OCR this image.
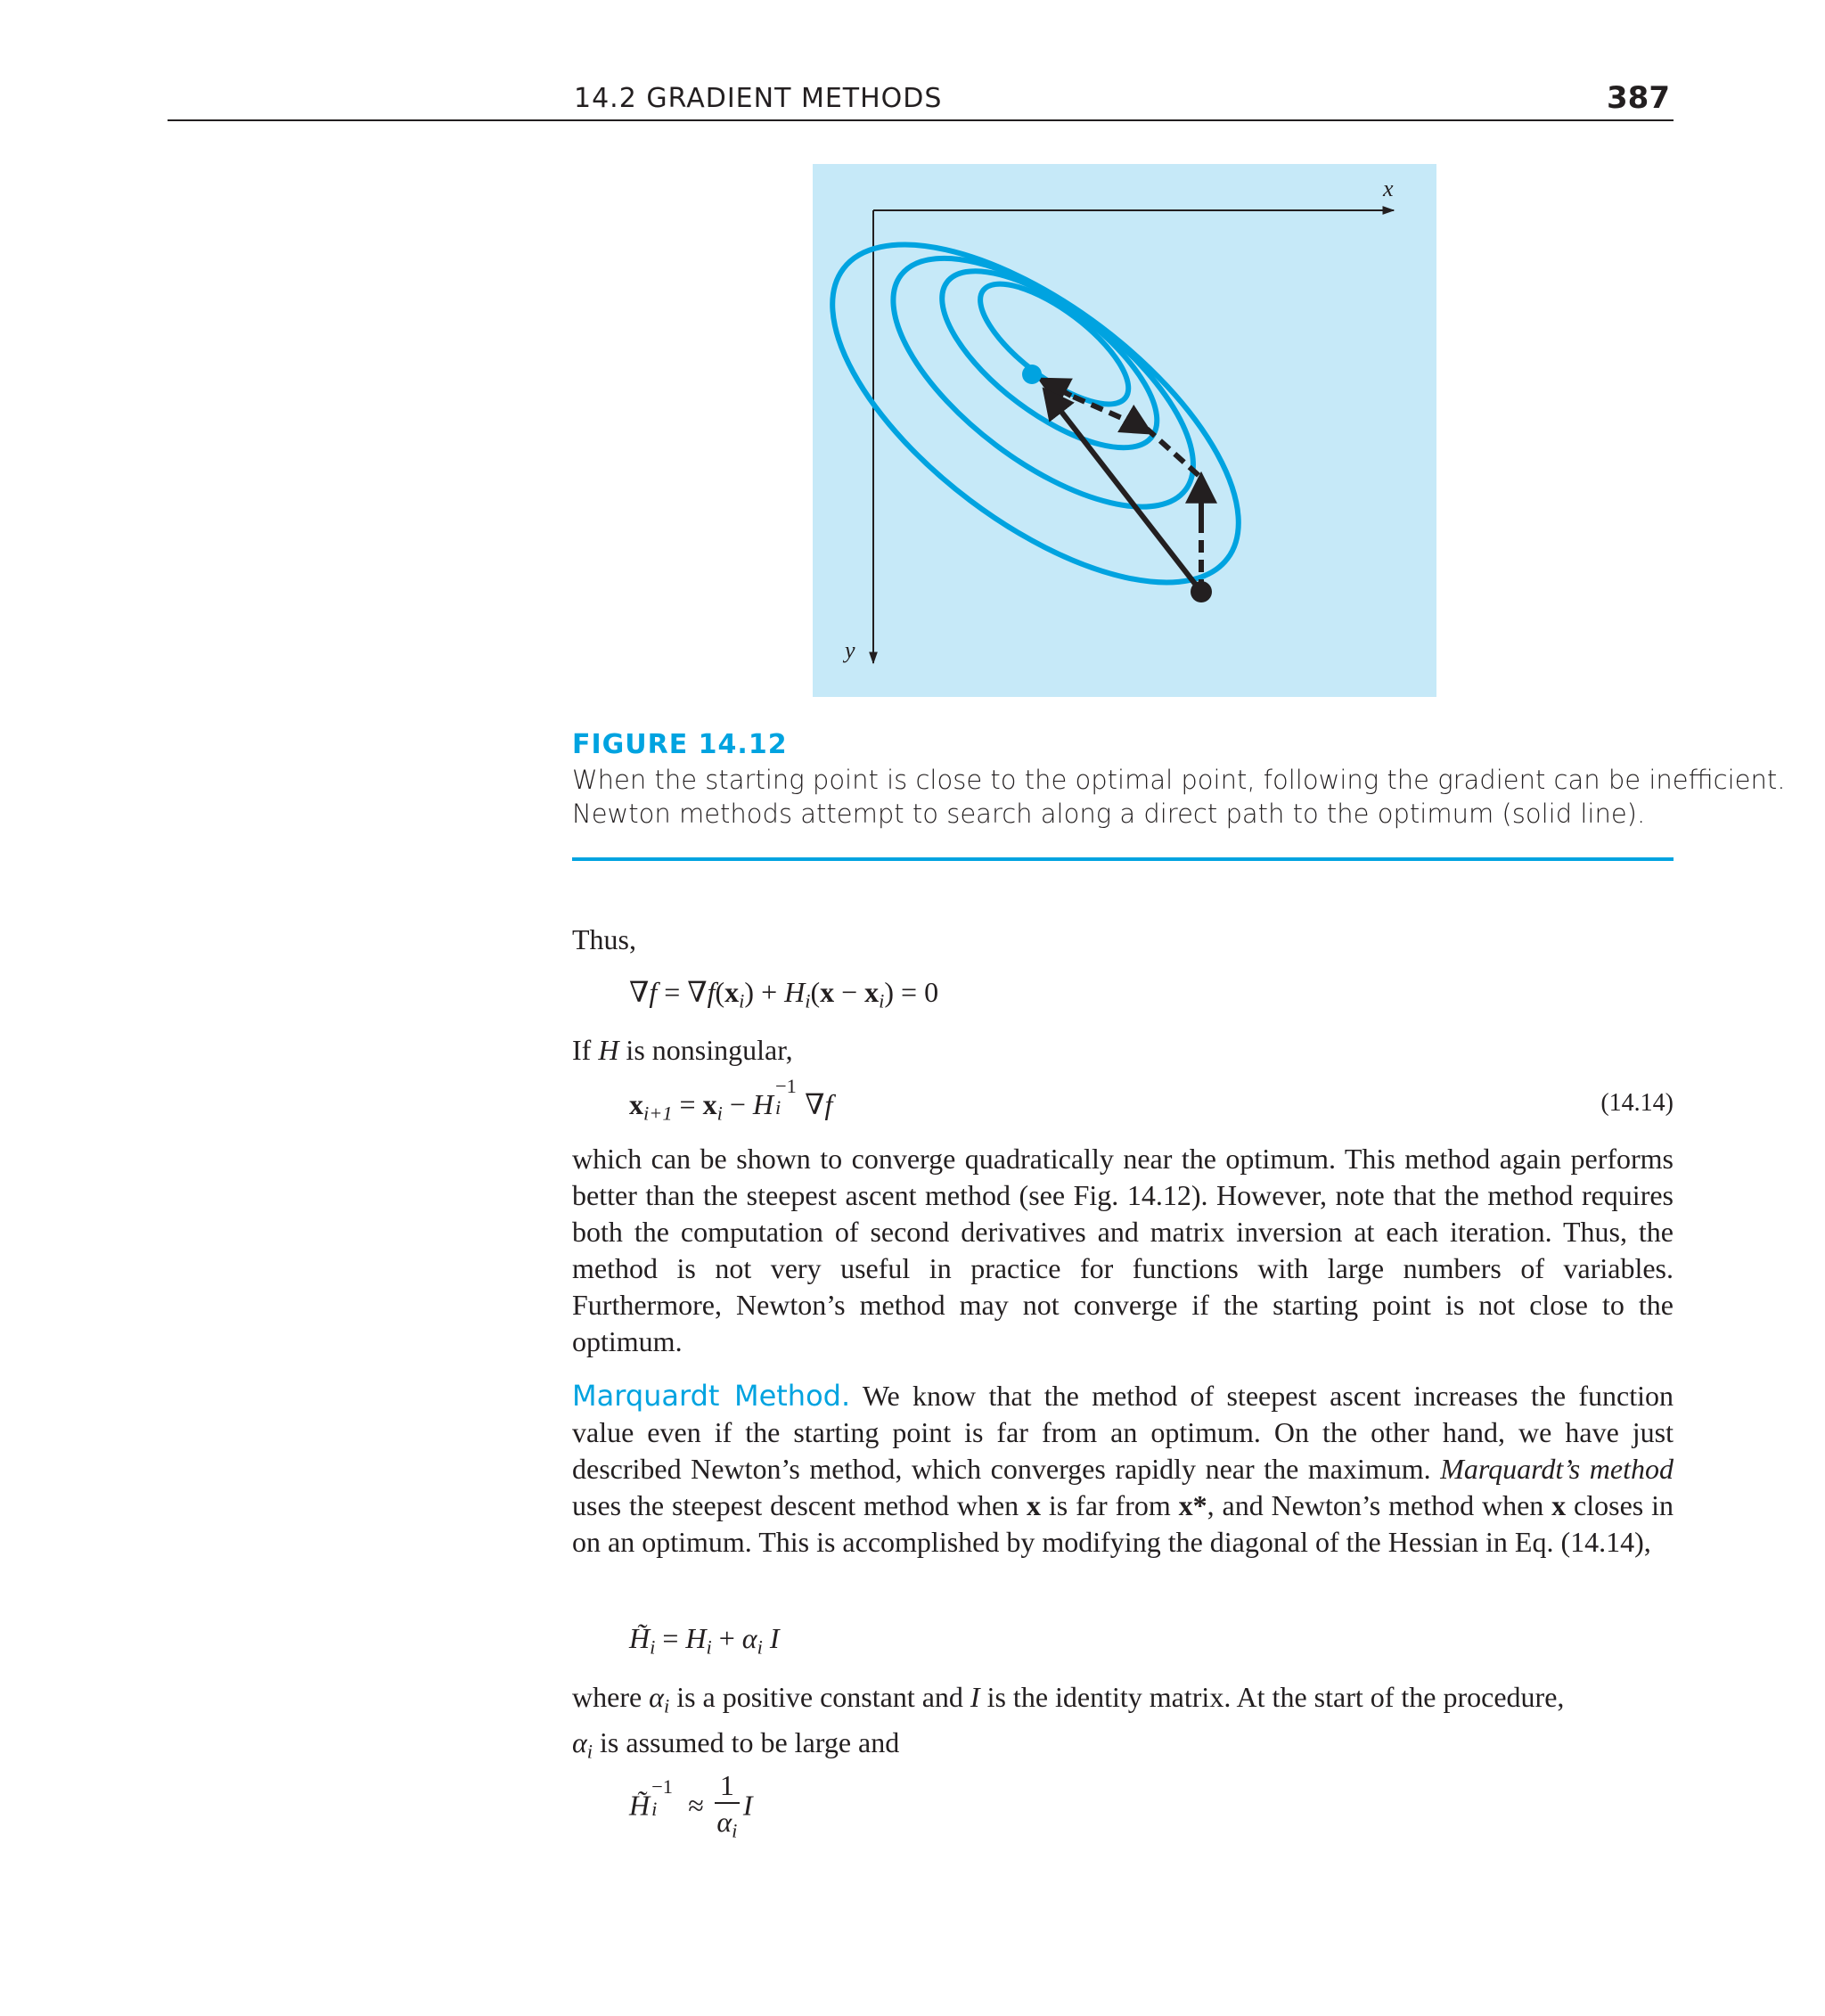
14.2 GRADIENT METHODS	387
x
y
FIGURE 14.12
When the starting point is close to the optimal point, following the gradient can be inefficient.
Newton methods attempt to search along a direct path to the optimum (solid line).
Thus,
$\nabla f = \nabla f(x_i) + H_i(x - x_i) = 0$
If H is nonsingular,
$x_{i+1} = x_i - H$
−1
i ∇f	(14.14)

which can be shown to converge quadratically near the optimum. This method again performs better than the steepest ascent method (see Fig. 14.12). However, note that the method requires both the computation of second derivatives and matrix inversion at each iteration. Thus, the method is not very useful in practice for functions with large numbers of variables. Furthermore, Newton’s method may not converge if the starting point is not close to the optimum.

Marquardt Method. We know that the method of steepest ascent increases the function value even if the starting point is far from an optimum. On the other hand, we have just described Newton’s method, which converges rapidly near the maximum. Marquardt’s method uses the steepest descent method when x is far from x*, and Newton’s method when x closes in on an optimum. This is accomplished by modifying the diagonal of the Hessian in Eq. (14.14),

$H̃_i = H_i + \alpha_i$ I

where $\alpha_i$ is a positive constant and I is the identity matrix. At the start of the procedure,
$\alpha_i$ is assumed to be large and

H̃
−1
$i \approx \frac{1}{\alpha_i}$ I
